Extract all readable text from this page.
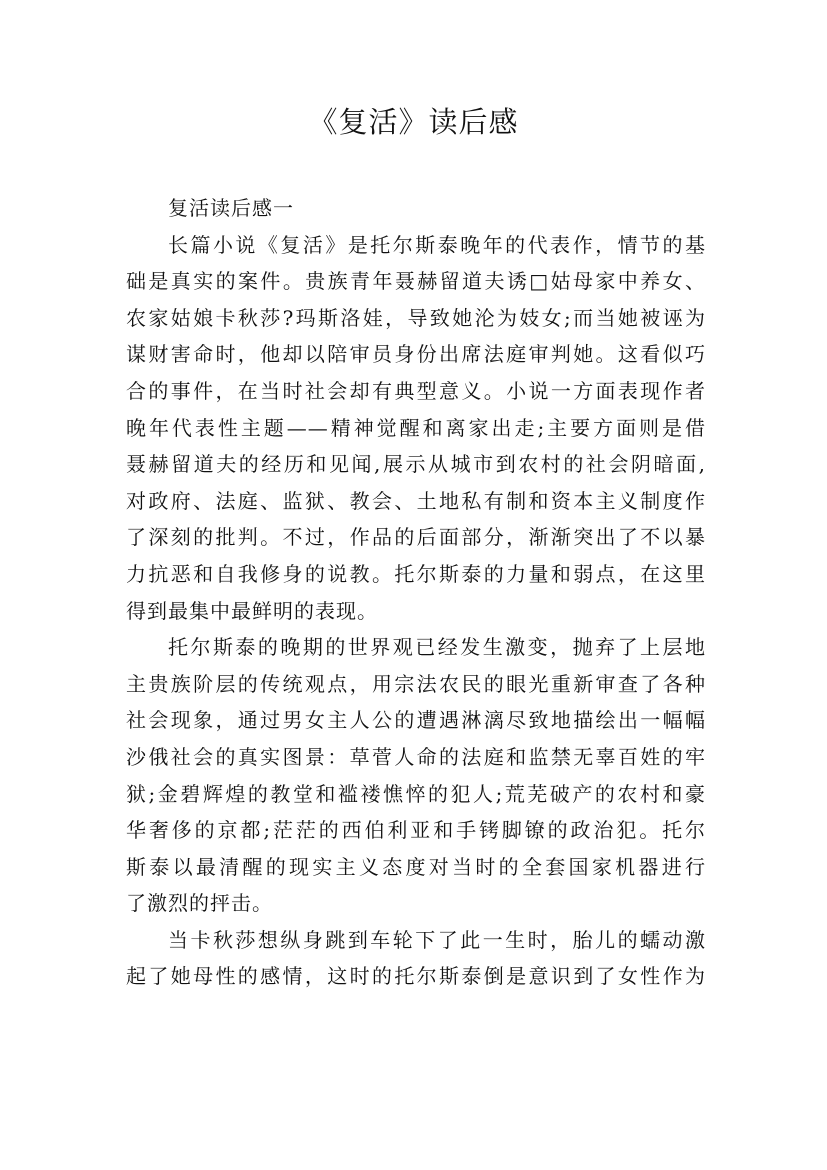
《复活》读后感
复活读后感一
长篇小说《复活》是托尔斯泰晚年的代表作，情节的基
础是真实的案件。贵族青年聂赫留道夫诱□姑母家中养女、
农家姑娘卡秋莎?玛斯洛娃，导致她沦为妓女;而当她被诬为
谋财害命时，他却以陪审员身份出席法庭审判她。这看似巧
合的事件，在当时社会却有典型意义。小说一方面表现作者
晚年代表性主题——精神觉醒和离家出走;主要方面则是借
聂赫留道夫的经历和见闻,展示从城市到农村的社会阴暗面,
对政府、法庭、监狱、教会、土地私有制和资本主义制度作
了深刻的批判。不过，作品的后面部分，渐渐突出了不以暴
力抗恶和自我修身的说教。托尔斯泰的力量和弱点，在这里
得到最集中最鲜明的表现。
托尔斯泰的晚期的世界观已经发生激变，抛弃了上层地
主贵族阶层的传统观点，用宗法农民的眼光重新审查了各种
社会现象，通过男女主人公的遭遇淋漓尽致地描绘出一幅幅
沙俄社会的真实图景：草菅人命的法庭和监禁无辜百姓的牢
狱;金碧辉煌的教堂和褴褛憔悴的犯人;荒芜破产的农村和豪
华奢侈的京都;茫茫的西伯利亚和手铐脚镣的政治犯。托尔
斯泰以最清醒的现实主义态度对当时的全套国家机器进行
了激烈的抨击。
当卡秋莎想纵身跳到车轮下了此一生时，胎儿的蠕动激
起了她母性的感情，这时的托尔斯泰倒是意识到了女性作为
